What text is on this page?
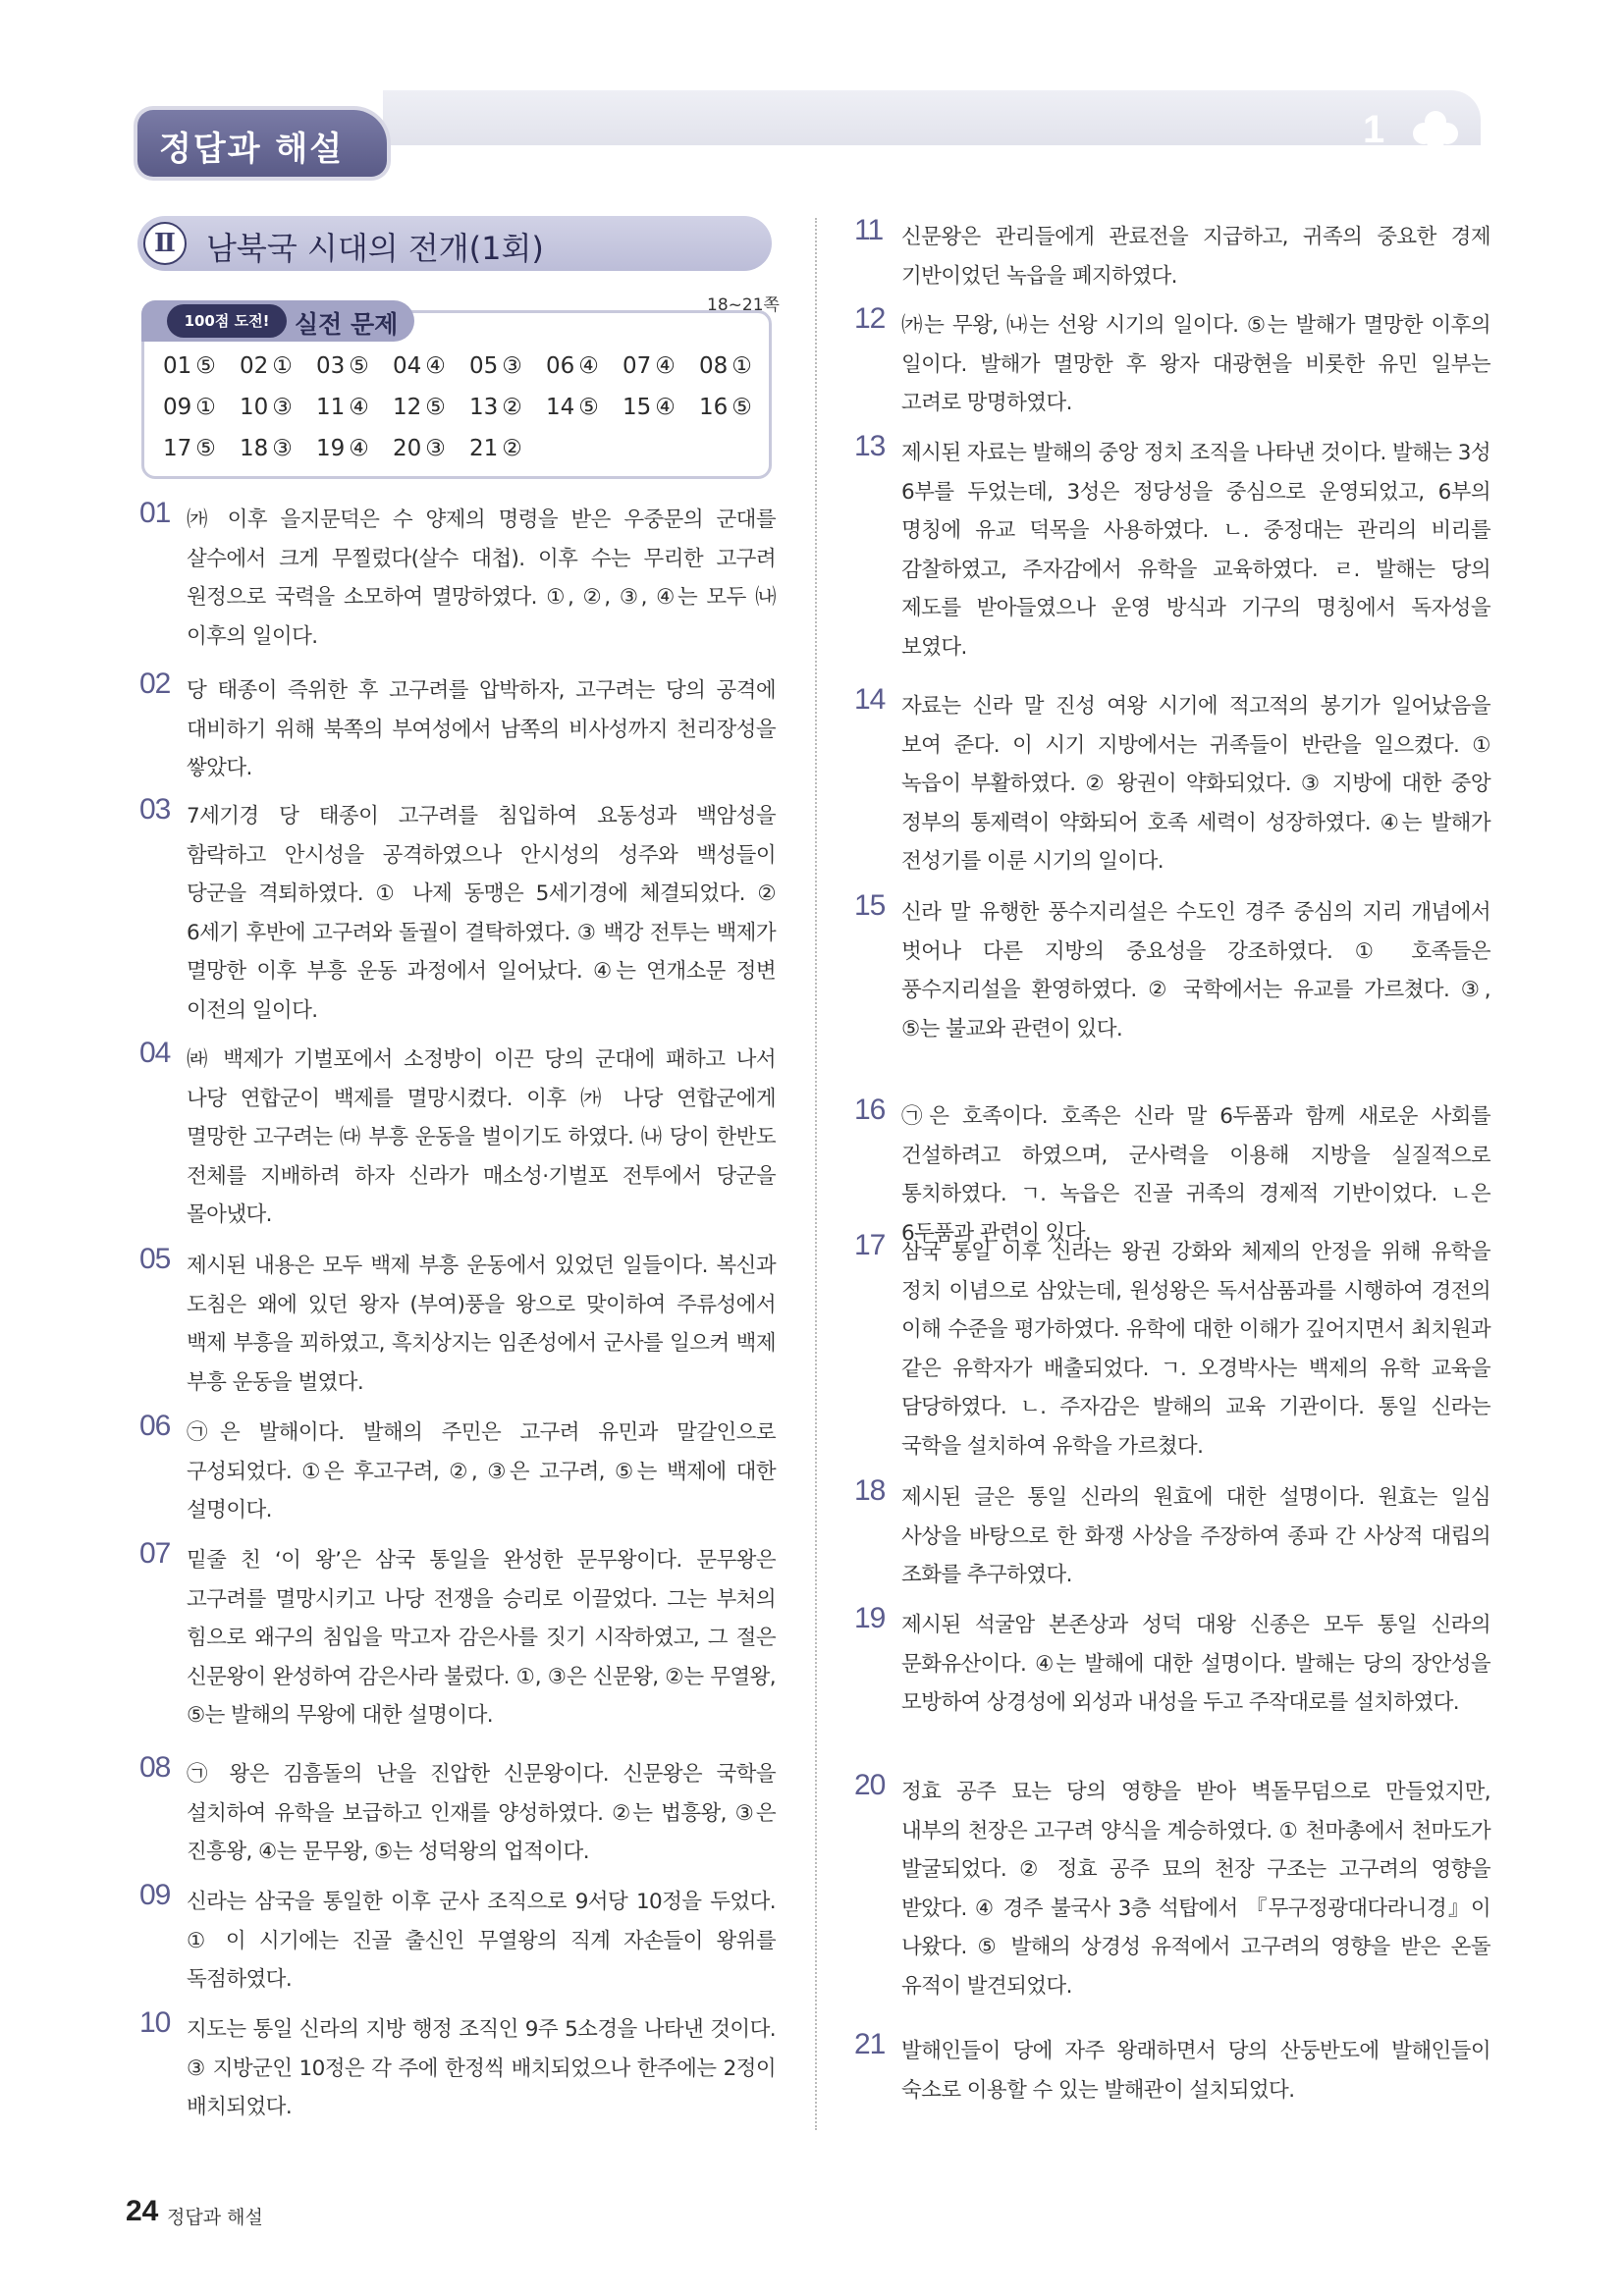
정답과 해설	1
Ⅱ 남북국 시대의 전개(1회)
18~21쪽
100점 도전!	실전 문제
01 ⑤	02 ①	03 ⑤	04 ④	05 ③	06 ④	07 ④	08 ①
09 ①	10 ③	11 ④	12 ⑤	13 ②	14 ⑤	15 ④	16 ⑤
17 ⑤	18 ③	19 ④	20 ③	21 ②
01 ㈎ 이후 을지문덕은 수 양제의 명령을 받은 우중문의 군대를 살수에서 크게 무찔렀다(살수 대첩). 이후 수는 무리한 고구려 원정으로 국력을 소모하여 멸망하였다. ①, ②, ③, ④는 모두 ㈏ 이후의 일이다.
02 당 태종이 즉위한 후 고구려를 압박하자, 고구려는 당의 공격에 대비하기 위해 북쪽의 부여성에서 남쪽의 비사성까지 천리장성을 쌓았다.
03 7세기경 당 태종이 고구려를 침입하여 요동성과 백암성을 함락하고 안시성을 공격하였으나 안시성의 성주와 백성들이 당군을 격퇴하였다. ① 나제 동맹은 5세기경에 체결되었다. ② 6세기 후반에 고구려와 돌궐이 결탁하였다. ③ 백강 전투는 백제가 멸망한 이후 부흥 운동 과정에서 일어났다. ④는 연개소문 정변 이전의 일이다.
04 ㈑ 백제가 기벌포에서 소정방이 이끈 당의 군대에 패하고 나서 나당 연합군이 백제를 멸망시켰다. 이후 ㈎ 나당 연합군에게 멸망한 고구려는 ㈐ 부흥 운동을 벌이기도 하였다. ㈏ 당이 한반도 전체를 지배하려 하자 신라가 매소성·기벌포 전투에서 당군을 몰아냈다.
05 제시된 내용은 모두 백제 부흥 운동에서 있었던 일들이다. 복신과 도침은 왜에 있던 왕자 (부여)풍을 왕으로 맞이하여 주류성에서 백제 부흥을 꾀하였고, 흑치상지는 임존성에서 군사를 일으켜 백제 부흥 운동을 벌였다.
06 ㉠은 발해이다. 발해의 주민은 고구려 유민과 말갈인으로 구성되었다. ①은 후고구려, ②, ③은 고구려, ⑤는 백제에 대한 설명이다.
07 밑줄 친 ‘이 왕’은 삼국 통일을 완성한 문무왕이다. 문무왕은 고구려를 멸망시키고 나당 전쟁을 승리로 이끌었다. 그는 부처의 힘으로 왜구의 침입을 막고자 감은사를 짓기 시작하였고, 그 절은 신문왕이 완성하여 감은사라 불렀다. ①, ③은 신문왕, ②는 무열왕, ⑤는 발해의 무왕에 대한 설명이다.
08 ㉠ 왕은 김흠돌의 난을 진압한 신문왕이다. 신문왕은 국학을 설치하여 유학을 보급하고 인재를 양성하였다. ②는 법흥왕, ③은 진흥왕, ④는 문무왕, ⑤는 성덕왕의 업적이다.
09 신라는 삼국을 통일한 이후 군사 조직으로 9서당 10정을 두었다. ① 이 시기에는 진골 출신인 무열왕의 직계 자손들이 왕위를 독점하였다.
10 지도는 통일 신라의 지방 행정 조직인 9주 5소경을 나타낸 것이다. ③ 지방군인 10정은 각 주에 한정씩 배치되었으나 한주에는 2정이 배치되었다.
11 신문왕은 관리들에게 관료전을 지급하고, 귀족의 중요한 경제 기반이었던 녹읍을 폐지하였다.
12 ㈎는 무왕, ㈏는 선왕 시기의 일이다. ⑤는 발해가 멸망한 이후의 일이다. 발해가 멸망한 후 왕자 대광현을 비롯한 유민 일부는 고려로 망명하였다.
13 제시된 자료는 발해의 중앙 정치 조직을 나타낸 것이다. 발해는 3성 6부를 두었는데, 3성은 정당성을 중심으로 운영되었고, 6부의 명칭에 유교 덕목을 사용하였다. ㄴ. 중정대는 관리의 비리를 감찰하였고, 주자감에서 유학을 교육하였다. ㄹ. 발해는 당의 제도를 받아들였으나 운영 방식과 기구의 명칭에서 독자성을 보였다.
14 자료는 신라 말 진성 여왕 시기에 적고적의 봉기가 일어났음을 보여 준다. 이 시기 지방에서는 귀족들이 반란을 일으켰다. ① 녹읍이 부활하였다. ② 왕권이 약화되었다. ③ 지방에 대한 중앙 정부의 통제력이 약화되어 호족 세력이 성장하였다. ④는 발해가 전성기를 이룬 시기의 일이다.
15 신라 말 유행한 풍수지리설은 수도인 경주 중심의 지리 개념에서 벗어나 다른 지방의 중요성을 강조하였다. ① 호족들은 풍수지리설을 환영하였다. ② 국학에서는 유교를 가르쳤다. ③, ⑤는 불교와 관련이 있다.
16 ㉠은 호족이다. 호족은 신라 말 6두품과 함께 새로운 사회를 건설하려고 하였으며, 군사력을 이용해 지방을 실질적으로 통치하였다. ㄱ. 녹읍은 진골 귀족의 경제적 기반이었다. ㄴ은 6두품과 관련이 있다.
17 삼국 통일 이후 신라는 왕권 강화와 체제의 안정을 위해 유학을 정치 이념으로 삼았는데, 원성왕은 독서삼품과를 시행하여 경전의 이해 수준을 평가하였다. 유학에 대한 이해가 깊어지면서 최치원과 같은 유학자가 배출되었다. ㄱ. 오경박사는 백제의 유학 교육을 담당하였다. ㄴ. 주자감은 발해의 교육 기관이다. 통일 신라는 국학을 설치하여 유학을 가르쳤다.
18 제시된 글은 통일 신라의 원효에 대한 설명이다. 원효는 일심 사상을 바탕으로 한 화쟁 사상을 주장하여 종파 간 사상적 대립의 조화를 추구하였다.
19 제시된 석굴암 본존상과 성덕 대왕 신종은 모두 통일 신라의 문화유산이다. ④는 발해에 대한 설명이다. 발해는 당의 장안성을 모방하여 상경성에 외성과 내성을 두고 주작대로를 설치하였다.
20 정효 공주 묘는 당의 영향을 받아 벽돌무덤으로 만들었지만, 내부의 천장은 고구려 양식을 계승하였다. ① 천마총에서 천마도가 발굴되었다. ② 정효 공주 묘의 천장 구조는 고구려의 영향을 받았다. ④ 경주 불국사 3층 석탑에서 『무구정광대다라니경』이 나왔다. ⑤ 발해의 상경성 유적에서 고구려의 영향을 받은 온돌 유적이 발견되었다.
21 발해인들이 당에 자주 왕래하면서 당의 산둥반도에 발해인들이 숙소로 이용할 수 있는 발해관이 설치되었다.
24 정답과 해설
